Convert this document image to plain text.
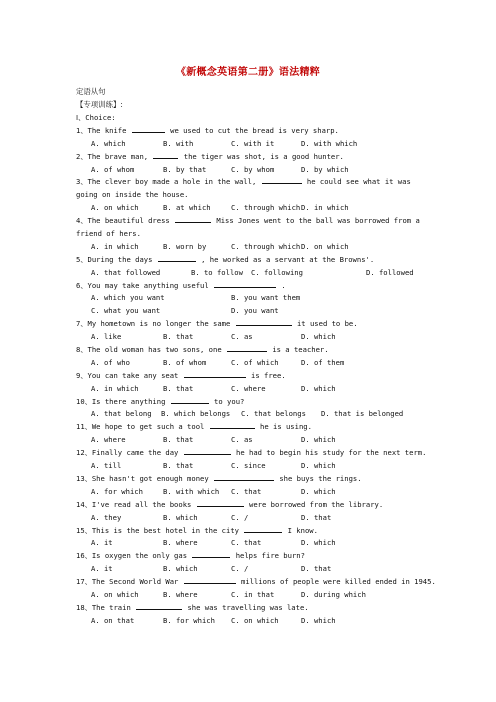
《新概念英语第二册》语法精粹
定语从句
【专项训练】:
Ⅰ、Choice:
1、The knife	we used to cut the bread is very sharp.
A. which	B. with	C. with it	D. with which
2、The brave man,	the tiger was shot, is a good hunter.
A. of whom	B. by that	C. by whom	D. by which
3、The clever boy made a hole in the wall,	he could see what it was
going on inside the house.
A. on which	B. at which	C. through which D. in which
4、The beautiful dress	Miss Jones went to the ball was borrowed from a
friend of hers.
A. in which	B. worn by	C. through which D. on which
5、During the days	, he worked as a servant at the Browns'.
A. that followed	B. to follow C. following	D. followed
6、You may take anything useful	.
A. which you want	B. you want them
C. what you want	D. you want
7、My hometown is no longer the same	it used to be.
A. like	B. that	C. as	D. which
8、The old woman has two sons, one	is a teacher.
A. of who	B. of whom	C. of which	D. of them
9、You can take any seat	is free.
A. in which	B. that	C. where	D. which
10、Is there anything	to you?
A. that belong B. which belongs C. that belongs D. that is belonged
11、We hope to get such a tool	he is using.
A. where	B. that	C. as	D. which
12、Finally came the day	he had to begin his study for the next term.
A. till	B. that	C. since	D. which
13、She hasn't got enough money	she buys the rings.
A. for which	B. with which C. that	D. which
14、I've read all the books	were borrowed from the library.
A. they	B. which	C. /	D. that
15、This is the best hotel in the city	I know.
A. it	B. where	C. that	D. which
16、Is oxygen the only gas	helps fire burn?
A. it	B. which	C. /	D. that
17、The Second World War	millions of people were killed ended in 1945.
A. on which	B. where	C. in that	D. during which
18、The train	she was travelling was late.
A. on that	B. for which C. on which	D. which
